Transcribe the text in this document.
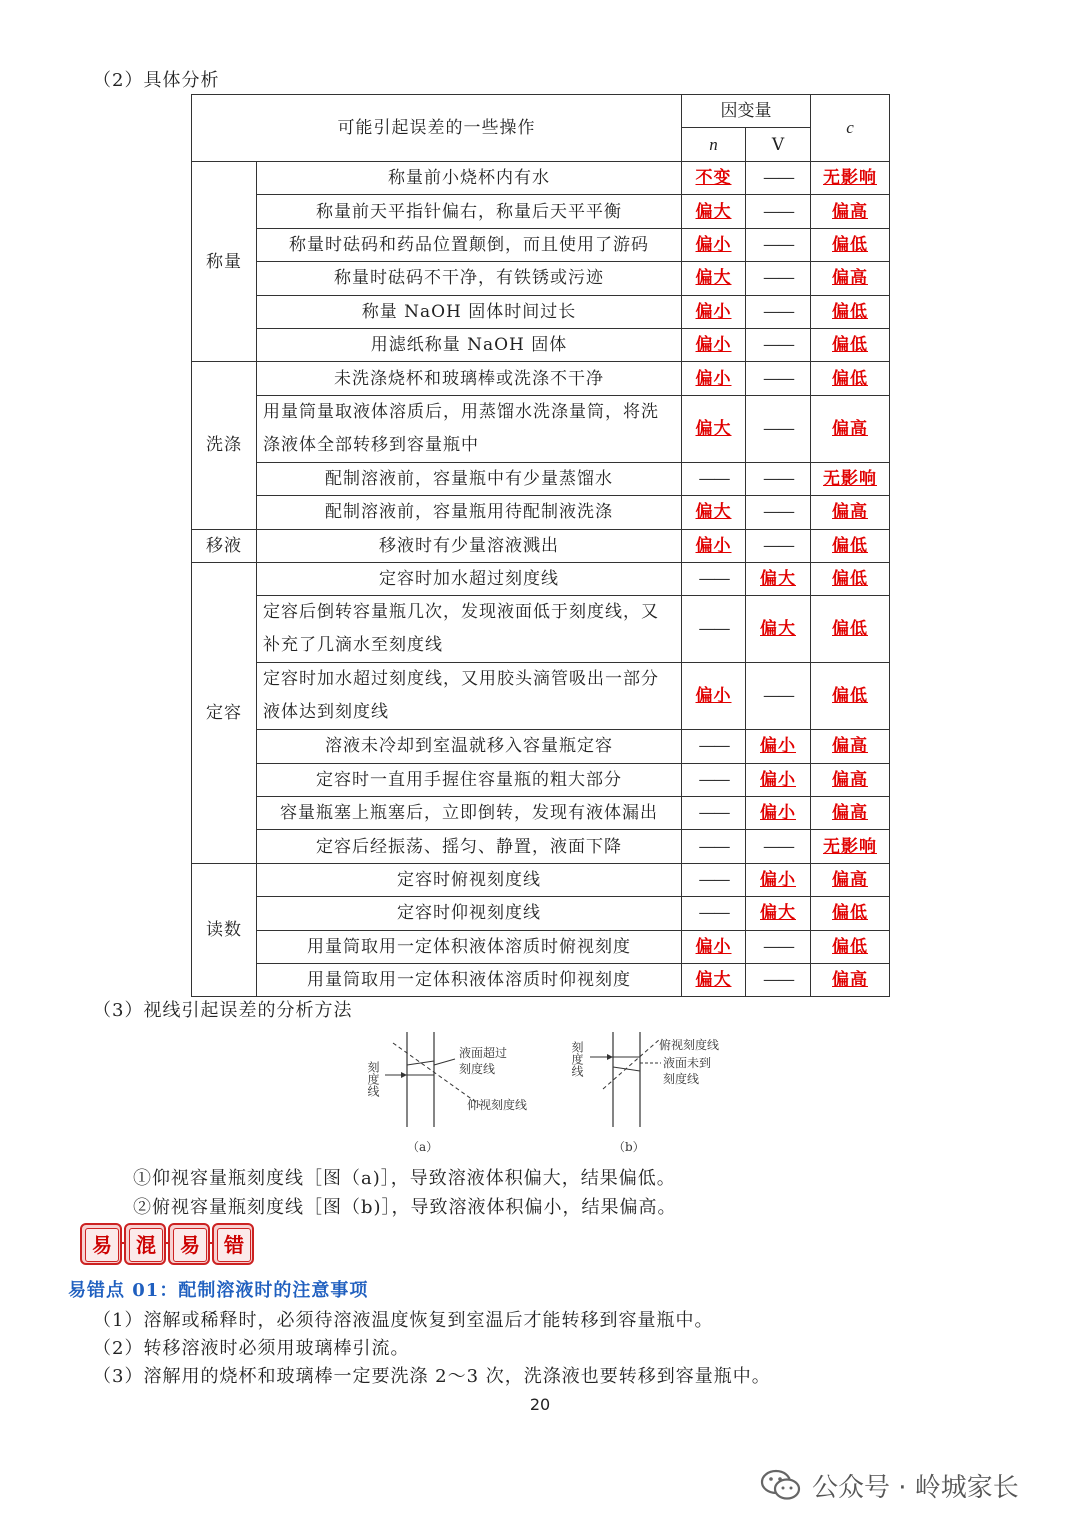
（2）具体分析
可能引起误差的一些操作		因变量		c
		n	V	
称量	称量前小烧杯内有水	不变	——	无影响
	称量前天平指针偏右，称量后天平平衡	偏大	——	偏高
	称量时砝码和药品位置颠倒，而且使用了游码	偏小	——	偏低
	称量时砝码不干净，有铁锈或污迹	偏大	——	偏高
	称量 NaOH 固体时间过长	偏小	——	偏低
	用滤纸称量 NaOH 固体	偏小	——	偏低
洗涤	未洗涤烧杯和玻璃棒或洗涤不干净	偏小	——	偏低
	用量筒量取液体溶质后，用蒸馏水洗涤量筒，将洗涤液体全部转移到容量瓶中	偏大	——	偏高
	配制溶液前，容量瓶中有少量蒸馏水	——	——	无影响
	配制溶液前，容量瓶用待配制液洗涤	偏大	——	偏高
移液	移液时有少量溶液溅出	偏小	——	偏低
定容	定容时加水超过刻度线	——	偏大	偏低
	定容后倒转容量瓶几次，发现液面低于刻度线，又补充了几滴水至刻度线	——	偏大	偏低
	定容时加水超过刻度线，又用胶头滴管吸出一部分液体达到刻度线	偏小	——	偏低
	溶液未冷却到室温就移入容量瓶定容	——	偏小	偏高
	定容时一直用手握住容量瓶的粗大部分	——	偏小	偏高
	容量瓶塞上瓶塞后，立即倒转，发现有液体漏出	——	偏小	偏高
	定容后经振荡、摇匀、静置，液面下降	——	——	无影响
读数	定容时俯视刻度线	——	偏小	偏高
	定容时仰视刻度线	——	偏大	偏低
	用量筒取用一定体积液体溶质时俯视刻度	偏小	——	偏低
	用量筒取用一定体积液体溶质时仰视刻度	偏大	——	偏高
（3）视线引起误差的分析方法
刻度线
液面超过
刻度线
仰视刻度线
（a）
刻度线	俯视刻度线
液面未到
刻度线
（b）
①仰视容量瓶刻度线［图（a)］，导致溶液体积偏大，结果偏低。
②俯视容量瓶刻度线［图（b)］，导致溶液体积偏小，结果偏高。
易	混	易	错
易错点 01：配制溶液时的注意事项
（1）溶解或稀释时，必须待溶液温度恢复到室温后才能转移到容量瓶中。
（2）转移溶液时必须用玻璃棒引流。
（3）溶解用的烧杯和玻璃棒一定要洗涤 2～3 次，洗涤液也要转移到容量瓶中。
20
公众号 · 岭城家长
